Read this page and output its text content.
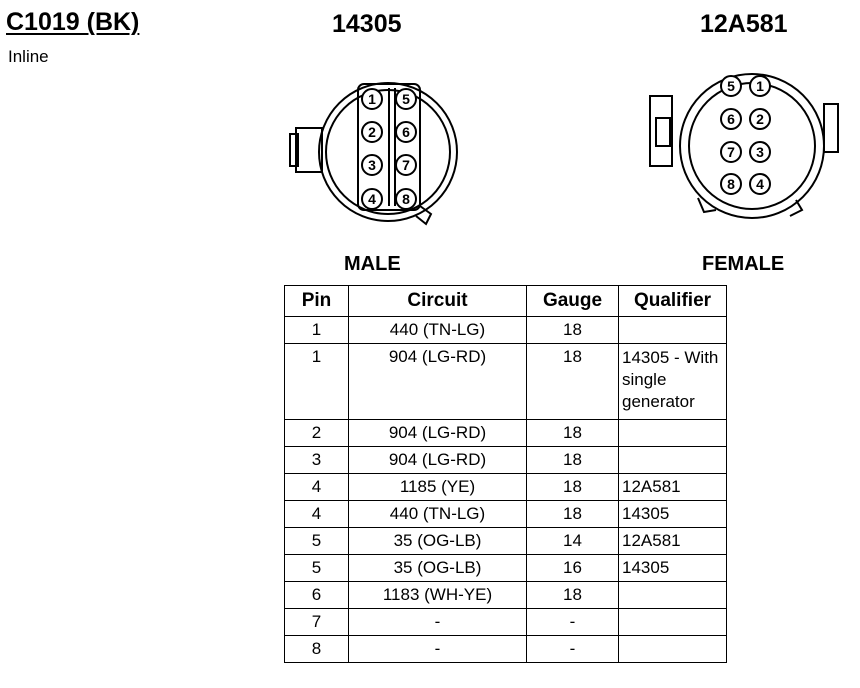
C1019 (BK)
Inline
14305	12A581
1
2
3
4
5
6
7
8
5
6
7
8
1
2
3
4
MALE	FEMALE
Pin	Circuit	Gauge	Qualifier
1	440 (TN-LG)	18	
1	904 (LG-RD)	18	14305 - With single generator
2	904 (LG-RD)	18	
3	904 (LG-RD)	18	
4	1185 (YE)	18	12A581
4	440 (TN-LG)	18	14305
5	35 (OG-LB)	14	12A581
5	35 (OG-LB)	16	14305
6	1183 (WH-YE)	18	
7	-	-	
8	-	-	
